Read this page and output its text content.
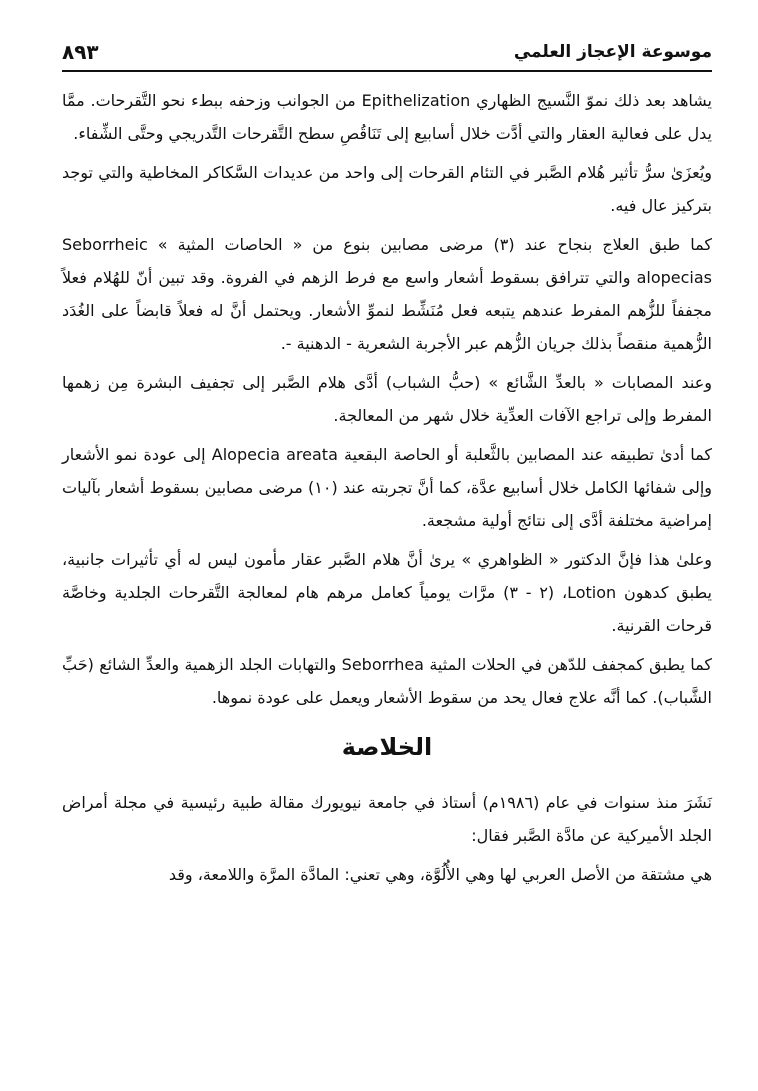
موسوعة الإعجاز العلمي
٨٩٣

يشاهد بعد ذلك نموّ النَّسيج الظهاري Epithelization من الجوانب وزحفه ببطء نحو التَّقرحات. ممَّا يدل على فعالية العقار والتي أدَّت خلال أسابيع إلى تَنَاقُصِ سطح التَّقرحات التَّدريجي وحتَّى الشِّفاء.

ويُعزَىٰ سرُّ تأثير هُلام الصَّبر في التئام القرحات إلى واحد من عديدات السَّكاكر المخاطية والتي توجد بتركيز عال فيه.

كما طبق العلاج بنجاح عند (٣) مرضى مصابين بنوع من « الحاصات المثية » Seborrheic alopecias والتي تترافق بسقوط أشعار واسع مع فرط الزهم في الفروة. وقد تبين أنّ للهُلام فعلاً مجففاً للزُّهم المفرط عندهم يتبعه فعل مُنَشِّط لنموِّ الأشعار. ويحتمل أنَّ له فعلاً قابضاً على الغُدَد الزُّهمية منقصاً بذلك جريان الزُّهم عبر الأجربة الشعرية - الدهنية -.

وعند المصابات « بالعدِّ الشَّائع » (حبُّ الشباب) أدَّى هلام الصَّبر إلى تجفيف البشرة مِن زهمها المفرط وإلى تراجع الآفات العدِّية خلال شهر من المعالجة.

كما أدىٰ تطبيقه عند المصابين بالثَّعلبة أو الحاصة البقعية Alopecia areata إلى عودة نمو الأشعار وإلى شفائها الكامل خلال أسابيع عدَّة، كما أنَّ تجربته عند (١٠) مرضى مصابين بسقوط أشعار بآليات إمراضية مختلفة أدَّى إلى نتائج أولية مشجعة.

وعلىٰ هذا فإنَّ الدكتور « الظواهري » يرىٰ أنَّ هلام الصَّبر عقار مأمون ليس له أي تأثيرات جانبية، يطبق كدهون Lotion، (٢ - ٣) مرَّات يومياً كعامل مرهم هام لمعالجة التَّقرحات الجلدية وخاصَّة قرحات القرنية.

كما يطبق كمجفف للدّهن في الحلات المثية Seborrhea والتهابات الجلد الزهمية والعدِّ الشائع (حَبِّ الشَّباب). كما أنَّه علاج فعال يحد من سقوط الأشعار ويعمل على عودة نموها.

الخلاصة

نَشَرَ منذ سنوات في عام (١٩٨٦م) أستاذ في جامعة نيويورك مقالة طبية رئيسية في مجلة أمراض الجلد الأميركية عن مادَّة الصَّبر فقال:

هي مشتقة من الأصل العربي لها وهي الأُلُوَّة، وهي تعني: المادَّة المرَّة واللامعة، وقد
